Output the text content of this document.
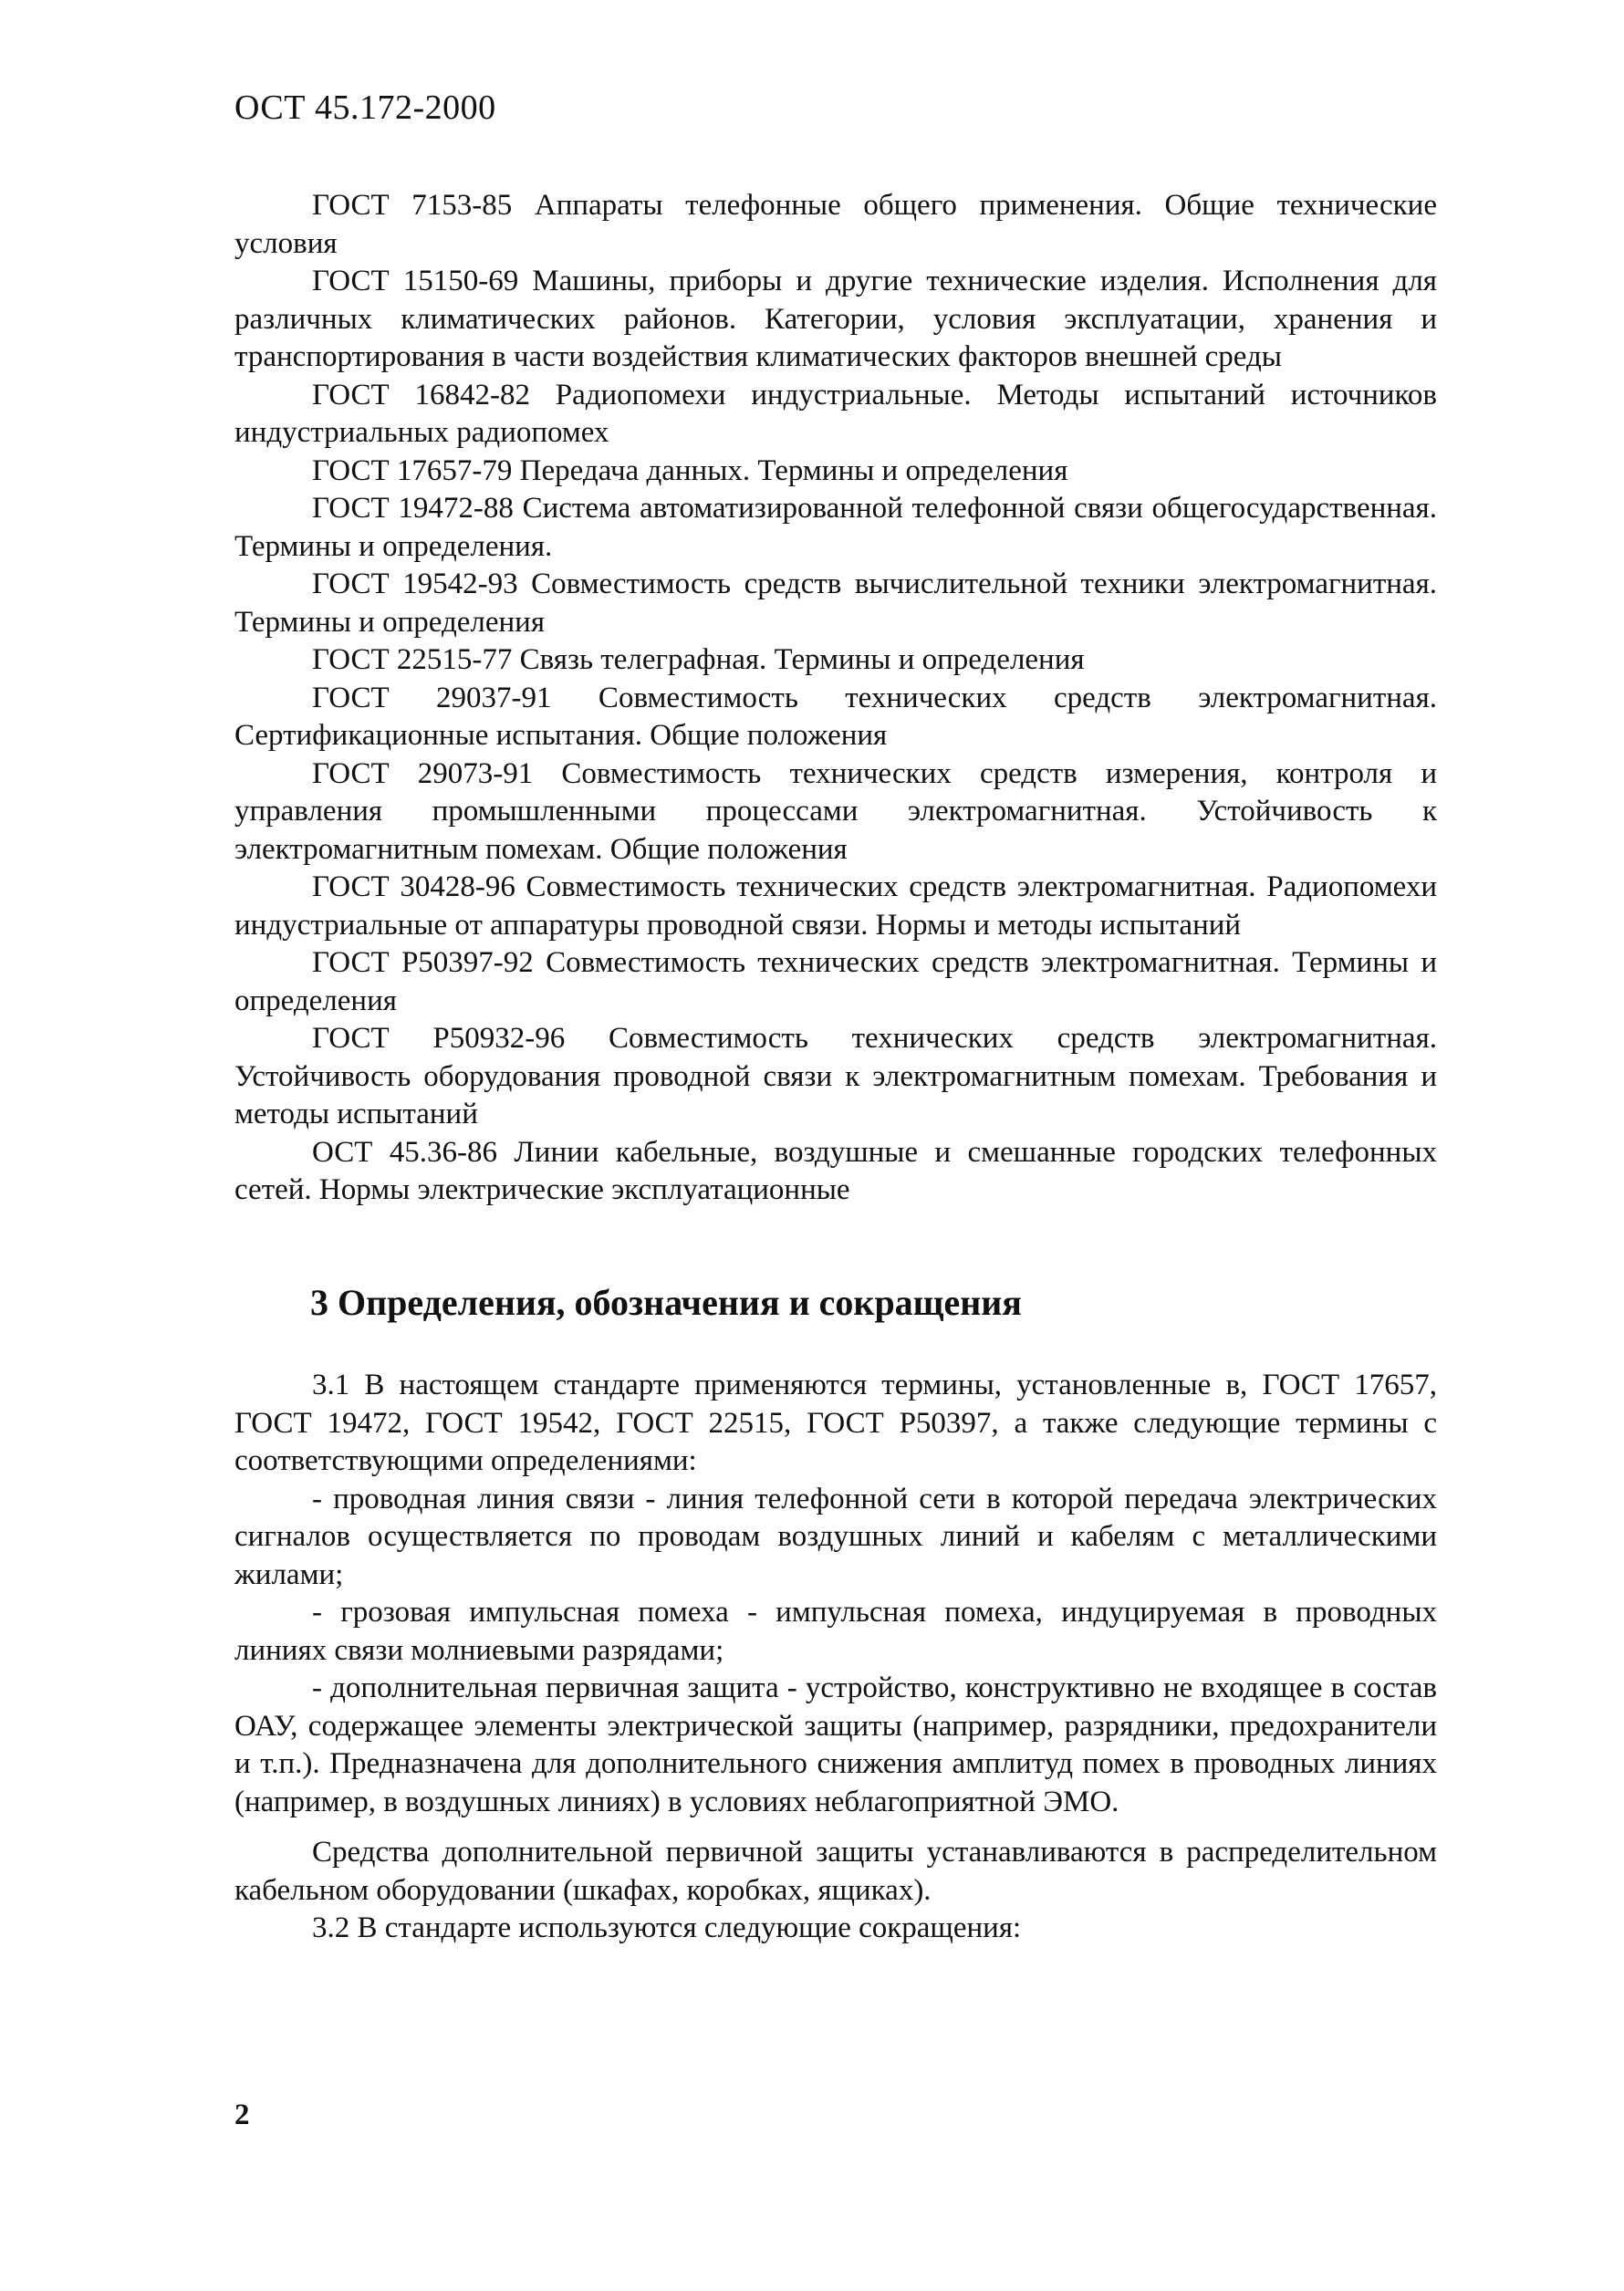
ОСТ 45.172-2000

ГОСТ 7153-85 Аппараты телефонные общего применения. Общие технические условия

ГОСТ 15150-69 Машины, приборы и другие технические изделия. Исполнения для различных климатических районов. Категории, условия эксплуатации, хранения и транспортирования в части воздействия климатических факторов внешней среды

ГОСТ 16842-82 Радиопомехи индустриальные. Методы испытаний источников индустриальных радиопомех

ГОСТ 17657-79 Передача данных. Термины и определения

ГОСТ 19472-88 Система автоматизированной телефонной связи общегосударственная. Термины и определения.

ГОСТ 19542-93 Совместимость средств вычислительной техники электромагнитная. Термины и определения

ГОСТ 22515-77 Связь телеграфная. Термины и определения

ГОСТ 29037-91 Совместимость технических средств электромагнитная. Сертификационные испытания. Общие положения

ГОСТ 29073-91 Совместимость технических средств измерения, контроля и управления промышленными процессами электромагнитная. Устойчивость к электромагнитным помехам. Общие положения

ГОСТ 30428-96 Совместимость технических средств электромагнитная. Радиопомехи индустриальные от аппаратуры проводной связи. Нормы и методы испытаний

ГОСТ Р50397-92 Совместимость технических средств электромагнитная. Термины и определения

ГОСТ Р50932-96 Совместимость технических средств электромагнитная. Устойчивость оборудования проводной связи к электромагнитным помехам. Требования и методы испытаний

ОСТ 45.36-86 Линии кабельные, воздушные и смешанные городских телефонных сетей. Нормы электрические эксплуатационные

3 Определения, обозначения и сокращения

3.1 В настоящем стандарте применяются термины, установленные в, ГОСТ 17657, ГОСТ 19472, ГОСТ 19542, ГОСТ 22515, ГОСТ Р50397, а также следующие термины с соответствующими определениями:

- проводная линия связи - линия телефонной сети в которой передача электрических сигналов осуществляется по проводам воздушных линий и кабелям с металлическими жилами;

- грозовая импульсная помеха - импульсная помеха, индуцируемая в проводных линиях связи молниевыми разрядами;

- дополнительная первичная защита - устройство, конструктивно не входящее в состав ОАУ, содержащее элементы электрической защиты (например, разрядники, предохранители и т.п.). Предназначена для дополнительного снижения амплитуд помех в проводных линиях (например, в воздушных линиях) в условиях неблагоприятной ЭМО.

Средства дополнительной первичной защиты устанавливаются в распределительном кабельном оборудовании (шкафах, коробках, ящиках).

3.2 В стандарте используются следующие сокращения:

2
